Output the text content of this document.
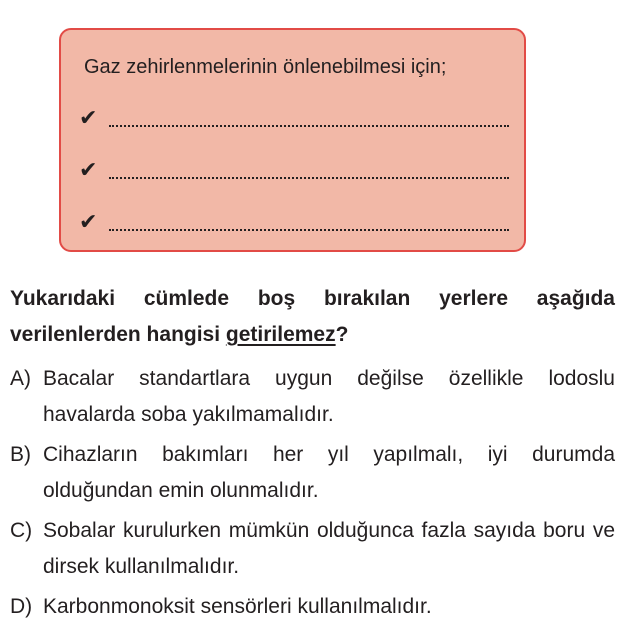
Gaz zehirlenmelerinin önlenebilmesi için;
✔
✔
✔
Yukarıdaki cümlede boş bırakılan yerlere aşağıda verilenlerden hangisi getirilemez?
A) Bacalar standartlara uygun değilse özellikle lodoslu havalarda soba yakılmamalıdır.
B) Cihazların bakımları her yıl yapılmalı, iyi durumda olduğundan emin olunmalıdır.
C) Sobalar kurulurken mümkün olduğunca fazla sayıda boru ve dirsek kullanılmalıdır.
D) Karbonmonoksit sensörleri kullanılmalıdır.
